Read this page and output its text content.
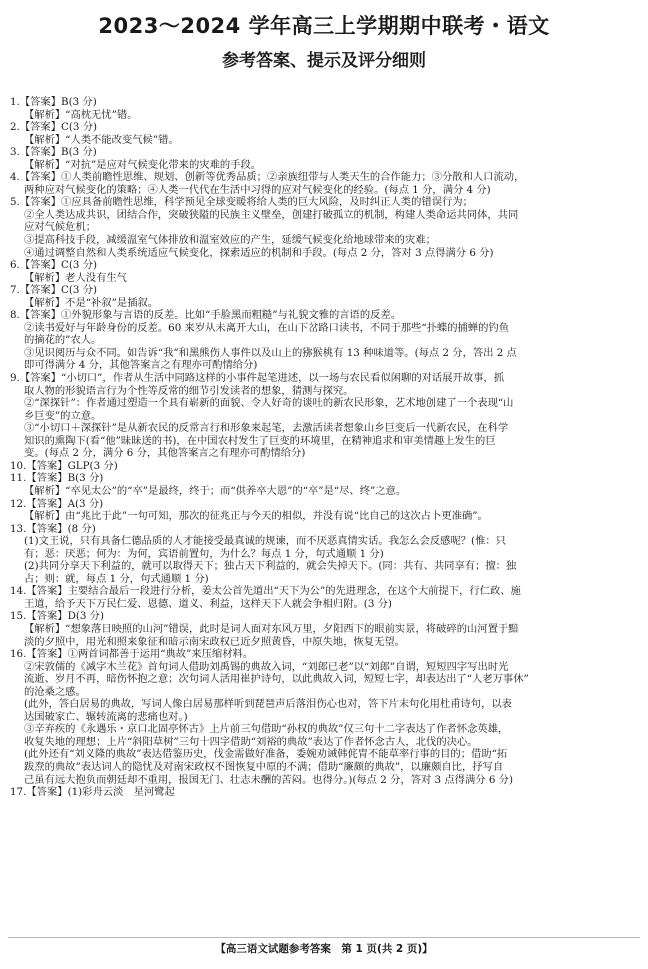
2023～2024 学年高三上学期期中联考・语文
参考答案、提示及评分细则
1.【答案】B(3 分)
【解析】“高枕无忧”错。
2.【答案】C(3 分)
【解析】“人类不能改变气候”错。
3.【答案】B(3 分)
【解析】“对抗”是应对气候变化带来的灾难的手段。
4.【答案】①人类前瞻性思维、规划、创新等优秀品质；②亲族纽带与人类天生的合作能力；③分散和人口流动，
两种应对气候变化的策略；④人类一代代在生活中习得的应对气候变化的经验。(每点 1 分，满分 4 分)
5.【答案】①应具备前瞻性思维，科学预见全球变暖将给人类的巨大风险，及时纠正人类的错误行为；
②全人类达成共识，团结合作，突破狭隘的民族主义壁垒，创建打破孤立的机制，构建人类命运共同体，共同
应对气候危机；
③提高科技手段，减缓温室气体排放和温室效应的产生，延缓气候变化给地球带来的灾难；
④通过调整自然和人类系统适应气候变化，探索适应的机制和手段。(每点 2 分，答对 3 点得满分 6 分)
6.【答案】C(3 分)
【解析】老人没有生气
7.【答案】C(3 分)
【解析】不是“补叙”是插叙。
8.【答案】①外貌形象与言语的反差。比如“手脸黑而粗糙”与礼貌文雅的言语的反差。
②读书爱好与年龄身份的反差。60 来岁从未离开大山，在山下岔路口读书，不同于那些“扑蝶的捕蝉的钓鱼
的摘花的”农人。
③见识阅历与众不同。如告诉“我”和黑熊伤人事件以及山上的猕猴桃有 13 种味道等。(每点 2 分，答出 2 点
即可得满分 4 分，其他答案言之有理亦可酌情给分)
9.【答案】“小切口”，作者从生活中同路这样的小事件起笔进述，以一场与农民看似闲聊的对话展开故事，抓
取人物的形貌语言行为个性等反常的细节引发读者的想象，猜测与探究。
②“深探针”：作者通过塑造一个具有崭新的面貌、令人好奇的谈吐的新农民形象，艺术地创建了一个表现“山
乡巨变”的立意。
③“小切口＋深探针”是从新农民的反常言行和形象来起笔，去激活读者想象山乡巨变后一代新农民，在科学
知识的熏陶下(看“他”昧昧送的书)，在中国农村发生了巨变的环境里，在精神追求和审美情趣上发生的巨
变。(每点 2 分，满分 6 分，其他答案言之有理亦可酌情给分)
10.【答案】GLP(3 分)
11.【答案】B(3 分)
【解析】“卒见太公”的“卒”是最终，终于；而“供养卒大恩”的“卒”是“尽、终”之意。
12.【答案】A(3 分)
【解析】由“兆比于此”一句可知，那次的征兆正与今天的相似，并没有说“比自己的这次占卜更准确”。
13.【答案】(8 分)
(1)文王说，只有具备仁德品质的人才能接受最真诚的规谏，而不厌恶真情实话。我怎么会反感呢？(惟：只
有；恶：厌恶；何为：为何，宾语前置句，为什么？每点 1 分，句式通顺 1 分)
(2)共同分享天下利益的，就可以取得天下；独占天下利益的，就会失掉天下。(同：共有、共同享有；擅：独
占；则：就，每点 1 分，句式通顺 1 分)
14.【答案】主要结合最后一段进行分析，姜太公首先道出“天下为公”的先进理念，在这个大前提下，行仁政、施
王道，给予天下万民仁爱、恩德、道义、利益，这样天下人就会争相归附。(3 分)
15.【答案】D(3 分)
【解析】“想象落日映照的山河”错误，此时是词人面对东风万里，夕阳西下的眼前实景，将破碎的山河置于黯
淡的夕照中，用光和照来象征和暗示南宋政权已近夕照黄昏，中原失地，恢复无望。
16.【答案】①两首词都善于运用“典故”来压缩材料。
②宋敦儒的《减字木兰花》首句词人借助刘禹锡的典故入词，“刘郎已老”以“刘郎”自谓，短短四字写出时光
流逝、岁月不再，暗伤怀抱之意；次句词人活用崔护诗句，以此典故入词，短短七字，却表达出了“人老万事休”
的沧桑之感。
(此外，答白居易的典故，写词人像白居易那样听到琵琶声后落泪伤心也对，答下片末句化用杜甫诗句，以表
达国破家亡、辗转流离的悲痛也对。)
③辛弃疾的《永遇乐・京口北固亭怀古》上片前三句借助“孙权的典故”仅三句十二字表达了作者怀念英雄，
收复失地的理想；上片“斜阳草树”三句十四字借助“刘裕的典故”表达了作者怀念古人，北伐的决心。
(此外还有“刘义隆的典故”表达借鉴历史，伐金需做好准备，委婉劝诫韩侂胄不能草率行事的目的；借助“拓
跋焘的典故”表达词人的隐忧及对南宋政权不图恢复中原的不满；借助“廉颇的典故”，以廉颇自比，抒写自
己虽有远大抱负而朝廷却不重用，报国无门、壮志未酬的苦闷。也得分。)(每点 2 分，答对 3 点得满分 6 分)
17.【答案】(1)彩舟云淡　星河鹭起
【高三语文试题参考答案　第 1 页(共 2 页)】
